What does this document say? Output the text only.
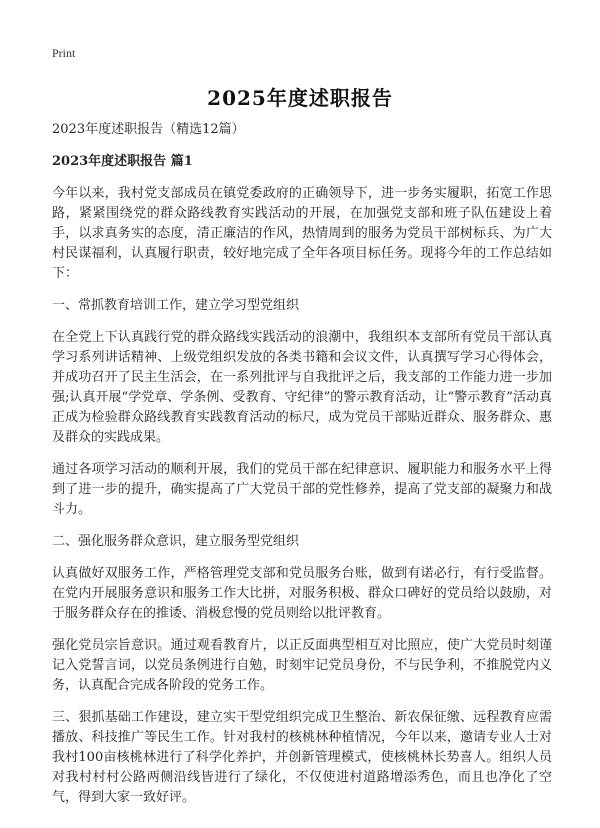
Print
2025年度述职报告

2023年度述职报告（精选12篇）

2023年度述职报告 篇1

今年以来，我村党支部成员在镇党委政府的正确领导下，进一步务实履职，拓宽工作思路，紧紧围绕党的群众路线教育实践活动的开展，在加强党支部和班子队伍建设上着手，以求真务实的态度，清正廉洁的作风，热情周到的服务为党员干部树标兵、为广大村民谋福利，认真履行职责，较好地完成了全年各项目标任务。现将今年的工作总结如下：

一、常抓教育培训工作，建立学习型党组织

在全党上下认真践行党的群众路线实践活动的浪潮中，我组织本支部所有党员干部认真学习系列讲话精神、上级党组织发放的各类书籍和会议文件，认真撰写学习心得体会，并成功召开了民主生活会，在一系列批评与自我批评之后，我支部的工作能力进一步加强;认真开展“学党章、学条例、受教育、守纪律”的警示教育活动，让“警示教育”活动真正成为检验群众路线教育实践教育活动的标尺，成为党员干部贴近群众、服务群众、惠及群众的实践成果。

通过各项学习活动的顺利开展，我们的党员干部在纪律意识、履职能力和服务水平上得到了进一步的提升，确实提高了广大党员干部的党性修养，提高了党支部的凝聚力和战斗力。

二、强化服务群众意识，建立服务型党组织

认真做好双服务工作，严格管理党支部和党员服务台账，做到有诺必行，有行受监督。在党内开展服务意识和服务工作大比拼，对服务积极、群众口碑好的党员给以鼓励，对于服务群众存在的推诿、消极怠慢的党员则给以批评教育。

强化党员宗旨意识。通过观看教育片，以正反面典型相互对比照应，使广大党员时刻谨记入党誓言词，以党员条例进行自勉，时刻牢记党员身份，不与民争利，不推脱党内义务，认真配合完成各阶段的党务工作。

三、狠抓基础工作建设，建立实干型党组织完成卫生整治、新农保征缴、远程教育应需播放、科技推广等民生工作。针对我村的核桃林种植情况，今年以来，邀请专业人士对我村100亩核桃林进行了科学化养护，并创新管理模式，使核桃林长势喜人。组织人员对我村村村公路两侧沿线皆进行了绿化，不仅使进村道路增添秀色，而且也净化了空气，得到大家一致好评。
